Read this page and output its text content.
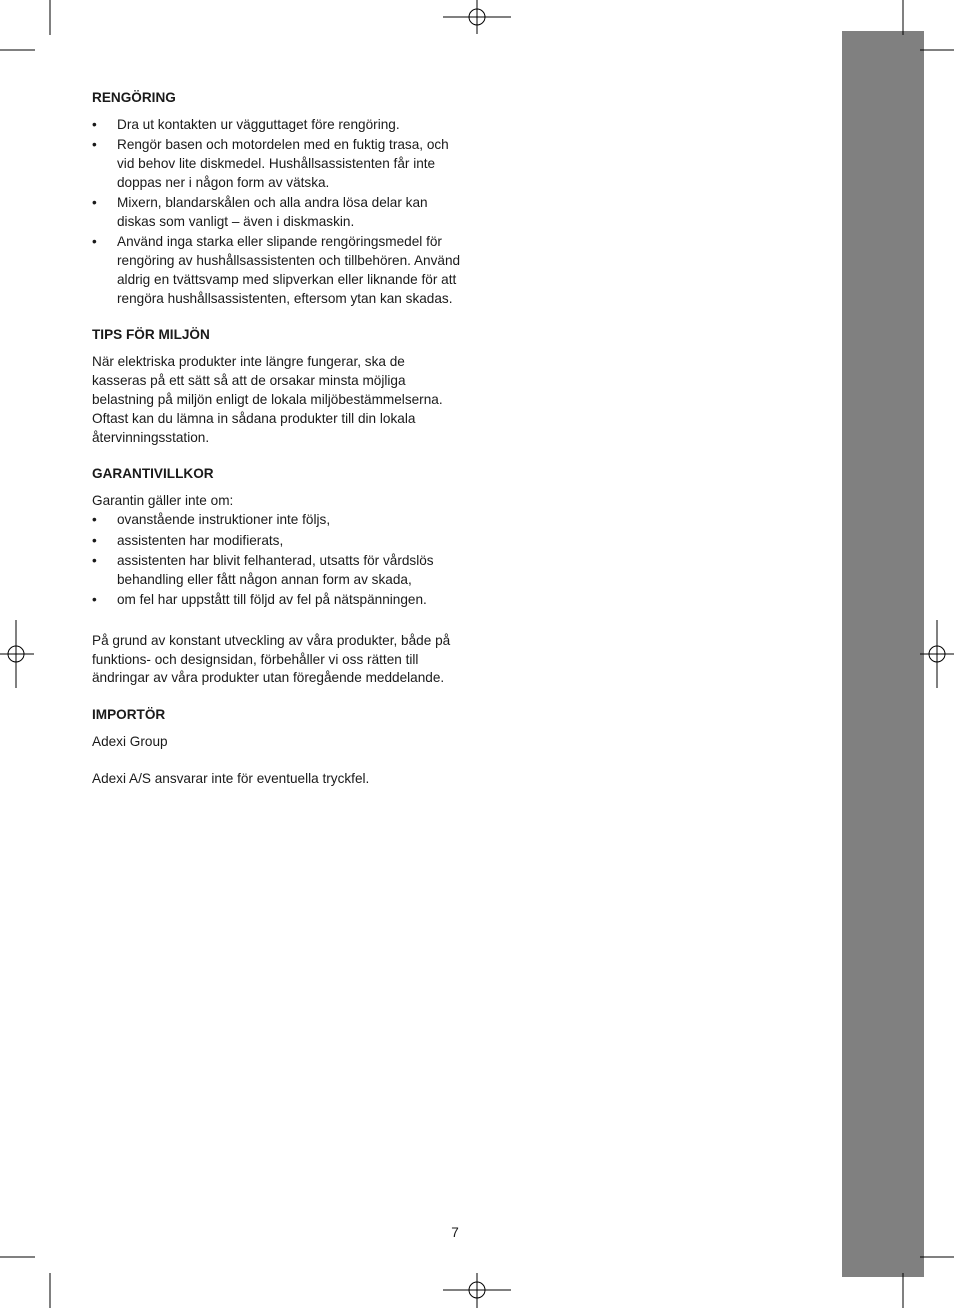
RENGÖRING
• Dra ut kontakten ur vägguttaget före rengöring.
• Rengör basen och motordelen med en fuktig trasa, och vid behov lite diskmedel. Hushållsassistenten får inte doppas ner i någon form av vätska.
• Mixern, blandarskålen och alla andra lösa delar kan diskas som vanligt – även i diskmaskin.
• Använd inga starka eller slipande rengöringsmedel för rengöring av hushållsassistenten och tillbehören. Använd aldrig en tvättsvamp med slipverkan eller liknande för att rengöra hushållsassistenten, eftersom ytan kan skadas.
TIPS FÖR MILJÖN

När elektriska produkter inte längre fungerar, ska de kasseras på ett sätt så att de orsakar minsta möjliga belastning på miljön enligt de lokala miljöbestämmelserna. Oftast kan du lämna in sådana produkter till din lokala återvinningsstation.

GARANTIVILLKOR

Garantin gäller inte om:

• ovanstående instruktioner inte följs,
• assistenten har modifierats,
• assistenten har blivit felhanterad, utsatts för vårdslös behandling eller fått någon annan form av skada,
• om fel har uppstått till följd av fel på nätspänningen.

På grund av konstant utveckling av våra produkter, både på funktions- och designsidan, förbehåller vi oss rätten till ändringar av våra produkter utan föregående meddelande.

IMPORTÖR

Adexi Group

Adexi A/S ansvarar inte för eventuella tryckfel.

7
